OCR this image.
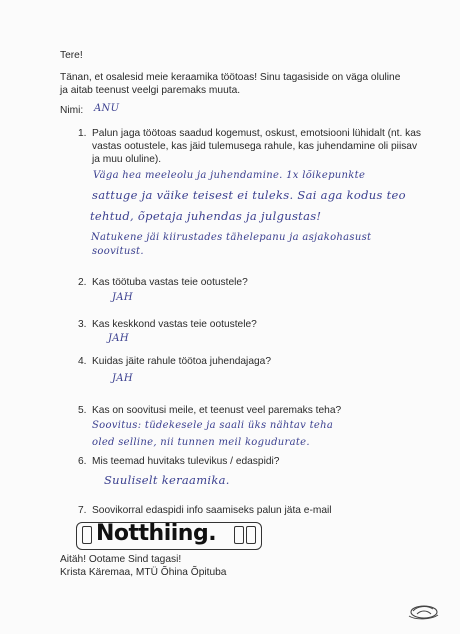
Tere!
Tänan, et osalesid meie keraamika töötoas! Sinu tagasiside on väga oluline ja aitab teenust veelgi paremaks muuta.
Nimi: ANU
1. Palun jaga töötoas saadud kogemust, oskust, emotsiooni lühidalt (nt. kas vastas ootustele, kas jäid tulemusega rahule, kas juhendamine oli piisav ja muu oluline).
Väga hea meeleolu ja juhendamine. 1x lõikepunkte
sattuge ja väike teisest ei tuleks. Sai aga kodus teo
tehtud, õpetaja juhendas ja julgustas!
Natukene jäi kiirustades tähelepanu ja asjakohasust
soovitust.
2. Kas töötuba vastas teie ootustele?
JAH
3. Kas keskkond vastas teie ootustele?
JAH
4. Kuidas jäite rahule töötoa juhendajaga?
JAH
5. Kas on soovitusi meile, et teenust veel paremaks teha?
Soovitus: tüdekesele ja saali üks nähtav teha
oled selline, nii tunnen meil kogudurate.
6. Mis teemad huvitaks tulevikus / edaspidi?
Suuliselt keraamika.
7. Soovikorral edaspidi info saamiseks palun jäta e-mail
Notthiing.
Aitäh! Ootame Sind tagasi!
Krista Käremaa, MTÜ Õhina Õpituba
